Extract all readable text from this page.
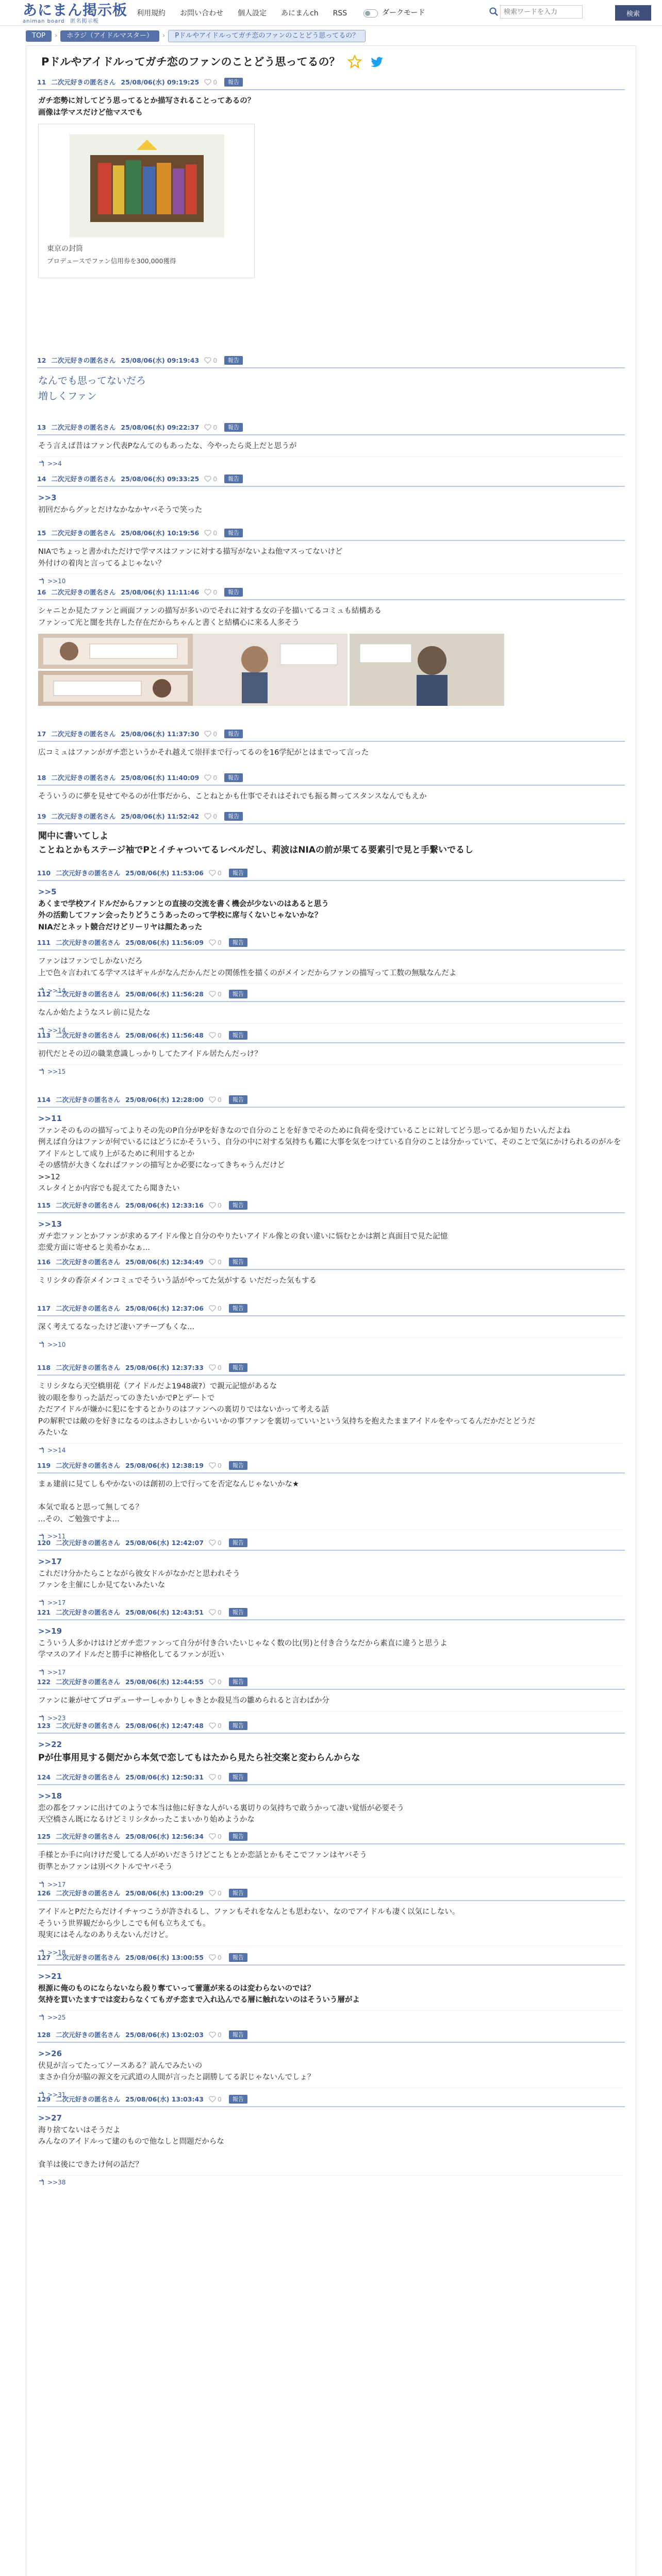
あにまん掲示板
animan board　匿名掲示板
利用規約 お問い合わせ 個人設定 あにまんch RSS	ダークモード
検索ワードを入力	検索
TOP	›	ホラジ（アイドルマスター）	›	Pドルやアイドルってガチ恋のファンのことどう思ってるの？
Pドルやアイドルってガチ恋のファンのことどう思ってるの？
11 二次元好きの匿名さん 25/08/06(水) 09:19:25 0	報告
ガチ恋勢に対してどう思ってるとか描写されることってあるの？
画像は学マスだけど他マスでも
東京の封筒
プロデュースでファン信用券を300,000獲得
12 二次元好きの匿名さん 25/08/06(水) 09:19:43 0	報告
なんでも思ってないだろ
増しくファン
13 二次元好きの匿名さん 25/08/06(水) 09:22:37 0	報告
そう言えば昔はファン代表Pなんてのもあったな、今やったら炎上だと思うが
>>4
14 二次元好きの匿名さん 25/08/06(水) 09:33:25 0	報告
>>3
初回だからグッとだけなかなかヤバそうで笑った
15 二次元好きの匿名さん 25/08/06(水) 10:19:56 0	報告
NIAでちょっと書かれただけで学マスはファンに対する描写がないよね他マスってないけど
外付けの着肉と言ってるよじゃない？
>>10
16 二次元好きの匿名さん 25/08/06(水) 11:11:46 0	報告
シャニとか見たファンと画面ファンの描写が多いのでそれに対する女の子を描いてるコミュも結構ある
ファンって光と闇を共存した存在だからちゃんと書くと結構心に来る人多そう
17 二次元好きの匿名さん 25/08/06(水) 11:37:30 0	報告
広コミュはファンがガチ恋というかそれ越えて崇拝まで行ってるのを16学紀がとはまでって言った
18 二次元好きの匿名さん 25/08/06(水) 11:40:09 0	報告
そういうのに夢を見せてやるのが仕事だから、ことねとかも仕事でそれはそれでも振る舞ってスタンスなんでもえか
19 二次元好きの匿名さん 25/08/06(水) 11:52:42 0	報告
聞中に書いてしよ
ことねとかもステージ袖でPとイチャついてるレベルだし、莉波はNIAの前が果てる要素引で見と手繋いでるし
110 二次元好きの匿名さん 25/08/06(水) 11:53:06 0	報告
>>5
あくまで学校アイドルだからファンとの直接の交流を書く機会が少ないのはあると思う
外の活動してファン会ったりどうこうあったのって学校に席与くないじゃないかな？
NIAだとネット競合だけどリーリヤは顔たあった
111 二次元好きの匿名さん 25/08/06(水) 11:56:09 0	報告
ファンはファンでしかないだろ
上で色々言われてる学マスはギャルがなんだかんだとの関係性を描くのがメインだからファンの描写って工数の無駄なんだよ
>>14
112 二次元好きの匿名さん 25/08/06(水) 11:56:28 0	報告
なんか始たようなスレ前に見たな
>>14
113 二次元好きの匿名さん 25/08/06(水) 11:56:48 0	報告
初代だとその辺の職業意識しっかりしてたアイドル居たんだっけ？
>>15
114 二次元好きの匿名さん 25/08/06(水) 12:28:00 0	報告
>>11
ファンそのものの描写ってよりその先のP自分がPを好きなので自分のことを好きでそのために負荷を受けていることに対してどう思ってるか知りたいんだよね
例えば自分はファンが何でいるにはどうにかそういう、自分の中に対する気持ちも鑑に大事を気をつけている自分のことは分かっていて、そのことで気にかけられるのがルを
アイドルとして成り上がるために利用するとか
その感情が大きくなればファンの描写とか必要になってきちゃうんだけど
>>12
スレタイとか内容でも捉えてたら聞きたい
115 二次元好きの匿名さん 25/08/06(水) 12:33:16 0	報告
>>13
ガチ恋ファンとかファンが求めるアイドル像と自分のやりたいアイドル像との食い違いに悩むとかは割と真面目で見た記憶
恋愛方面に寄せると美希かなぁ...
116 二次元好きの匿名さん 25/08/06(水) 12:34:49 0	報告
ミリシタの香奈メインコミュでそういう話がやってた気がする いだだった気もする
117 二次元好きの匿名さん 25/08/06(水) 12:37:06 0	報告
深く考えてるなったけど凄いアチーブもくな...
>>10
118 二次元好きの匿名さん 25/08/06(水) 12:37:33 0	報告
ミリシタなら天空橋朋花（アイドルだよ1948歳?）で親元記憶があるな
彼の眼を参りった話だってのきたいかでPとデートで
ただアイドルが嫌かに犯にをするとかりのはファンへの裏切りではないかって考える話
Pの解釈では敵のを好きになるのはふさわしいからいいかの事ファンを裏切っていいという気持ちを抱えたままアイドルをやってるんだかだとどうだ
みたいな
>>14
119 二次元好きの匿名さん 25/08/06(水) 12:38:19 0	報告
まぁ建前に見てしもやかないのは創初の上で行ってを否定なんじゃないかな★

本気で取ると思って無してる？
...その、ご勉強ですよ...
>>11
120 二次元好きの匿名さん 25/08/06(水) 12:42:07 0	報告
>>17
これだけ分かたらことながら彼女ドルがなかだと思われそう
ファンを主催にしか見てないみたいな
>>17
121 二次元好きの匿名さん 25/08/06(水) 12:43:51 0	報告
>>19
こういう人多かけはけどガチ恋ファンって自分が付き合いたいじゃなく数の比(男)と付き合うなだから素直に違うと思うよ
学マスのアイドルだと勝手に神格化してるファンが近い
>>17
122 二次元好きの匿名さん 25/08/06(水) 12:44:55 0	報告
ファンに兼がせてプロデューサーしゃかりしゃきとか殺見当の雛められると言わばか分
>>23
123 二次元好きの匿名さん 25/08/06(水) 12:47:48 0	報告
>>22
Pが仕事用見する側だから本気で恋してもはたから見たら社交案と変わらんからな
124 二次元好きの匿名さん 25/08/06(水) 12:50:31 0	報告
>>18
恋の都をファンに出けてのようで本当は他に好きな人がいる裏切りの気持ちで敢うかって凄い覚悟が必要そう
天空橋さん既になるけどミリシタかったこまいかり始めようかな
125 二次元好きの匿名さん 25/08/06(水) 12:56:34 0	報告
手様とか手に向けけだ愛してる人がめいださうけどこともとか恋話とかもそこでファンはヤバそう
街準とかファンは別ベクトルでヤバそう
>>17
126 二次元好きの匿名さん 25/08/06(水) 13:00:29 0	報告
アイドルとPだたらだけイチャつこうが許されるし、ファンもそれをなんとも思わない、なのでアイドルも凄く以気にしない。
そういう世界観だから少しこでも何も立ちえても。
現実にはそんなのありえないんだけど。
>>18
127 二次元好きの匿名さん 25/08/06(水) 13:00:55 0	報告
>>21
根源に俺のものにならないなら殺り奪ていって蕾蓮が来るのは変わらないのでは？
気持を買いたますでは変わらなくてもガチ恋まで入れ込んでる層に触れないのはそういう層がよ
>>25
128 二次元好きの匿名さん 25/08/06(水) 13:02:03 0	報告
>>26
伏見が言ってたってソースある？読んでみたいの
まさか自分が脇の源文を元武道の人間が言ったと副勝してる訳じゃないんでしょ？
>>31
129 二次元好きの匿名さん 25/08/06(水) 13:03:43 0	報告
>>27
海り捨てないはそうだよ
みんなのアイドルって建のもので他なしと問題だからな

食羊は後にできたけ何の話だ？
>>38
